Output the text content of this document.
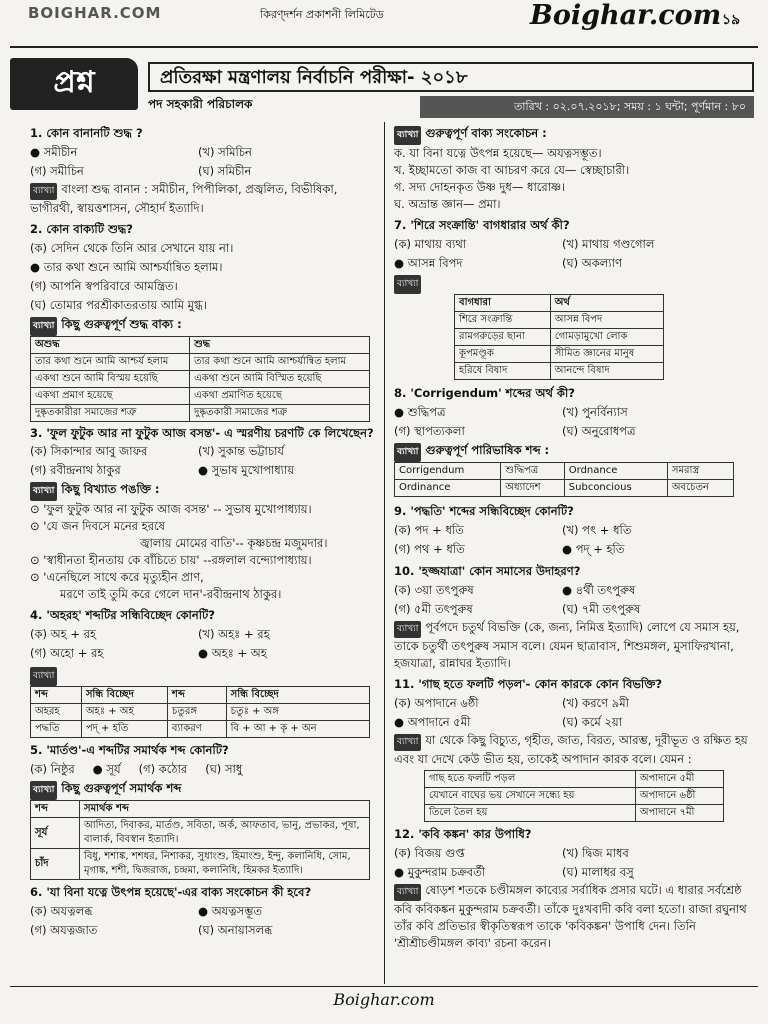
BOIGHAR.COM	কিরণ্দর্শন প্রকাশনী লিমিটেড	Boighar.com ১৯
প্রশ্ন	প্রতিরক্ষা মন্ত্রণালয় নির্বাচনি পরীক্ষা- ২০১৮
পদ সহকারী পরিচালক	তারিখ : ০২.০৭.২০১৮; সময় : ১ ঘন্টা; পূর্ণমান : ৮০
1. কোন বানানটি শুদ্ধ ?
● সমীচীন	(খ) সমিচিন (গ) সমীচিন	(ঘ) সমিচীন
ব্যাখ্যা বাংলা শুদ্ধ বানান : সমীচীন, পিপীলিকা, প্রজ্বলিত, বিভীষিকা, ভাগীরথী, স্বায়ত্তশাসন, সৌহার্দ ইত্যাদি।
2. কোন বাক্যটি শুদ্ধ?
(ক) সেদিন থেকে তিনি আর সেখানে যায় না।
● তার কথা শুনে আমি আশ্চর্যান্বিত হলাম।
(গ) আপনি স্বপরিবারে আমন্ত্রিত।
(ঘ) তোমার পরশ্রীকাতরতায় আমি মুগ্ধ।
ব্যাখ্যা কিছু গুরুত্বপূর্ণ শুদ্ধ বাক্য :
অশুদ্ধ	শুদ্ধ
তার কথা শুনে আমি আশ্চর্য হলাম	তার কথা শুনে আমি আশ্চর্যান্বিত হলাম
একথা শুনে আমি বিস্ময় হয়েছি	একথা শুনে আমি বিস্মিত হয়েছি
একথা প্রমাণ হয়েছে	একথা প্রমাণিত হয়েছে
দুষ্কৃতকারীরা সমাজের শত্রু	দুষ্কৃতকারী সমাজের শত্রু
3. 'ফুল ফুটুক আর না ফুটুক আজ বসন্ত'- এ স্মরণীয় চরণটি কে লিখেছেন?
(ক) সিকান্দার আবু জাফর	(খ) সুকান্ত ভট্টাচার্য (গ) রবীন্দ্রনাথ ঠাকুর	● সুভাষ মুখোপাধ্যায়
ব্যাখ্যা কিছু বিখ্যাত পঙক্তি :
⊙ 'ফুল ফুটুক আর না ফুটুক আজ বসন্ত' -- সুভাষ মুখোপাধ্যায়।
⊙ 'যে জন দিবসে মনের হরষে
জ্বালায় মোমের বাতি'-- কৃষ্ণচন্দ্র মজুমদার।
⊙ 'স্বাধীনতা হীনতায় কে বাঁচিতে চায়' --রঙ্গলাল বন্দ্যোপাধ্যায়।
⊙ 'এনেছিলে সাথে করে মৃত্যুহীন প্রাণ,
মরণে তাই তুমি করে গেলে দান'-রবীন্দ্রনাথ ঠাকুর।
4. 'অহরহ' শব্দটির সন্ধিবিচ্ছেদ কোনটি?
(ক) অহ + রহ	(খ) অহঃ + রহ (গ) অহো + রহ	● অহঃ + অহ
ব্যাখ্যা
শব্দ	সন্ধি বিচ্ছেদ	শব্দ	সন্ধি বিচ্ছেদ
অহরহ	অহঃ + অহ	চতুরঙ্গ	চতুঃ + অঙ্গ
পদ্ধতি	পদ্ + হতি	ব্যাকরণ	বি + আ + কৃ + অন
5. 'মার্তণ্ড'-এ শব্দটির সমার্থক শব্দ কোনটি?
(ক) নিষ্ঠুর ● সূর্য (গ) কঠোর (ঘ) সাধু
ব্যাখ্যা কিছু গুরুত্বপূর্ণ সমার্থক শব্দ
শব্দ	সমার্থক শব্দ
সূর্য	আদিত্য, দিবাকর, মার্তণ্ড, সবিতা, অর্ক, আফতাব, ভানু, প্রভাকর, পূষা, বালার্ক, বিবস্বান ইত্যাদি।
চাঁদ	বিধু, শশাঙ্ক, শশধর, নিশাকর, সুধাংশু, হিমাংশু, ইন্দু, কলানিধি, সোম, মৃগাঙ্ক, শশী, দ্বিজরাজ, চন্দ্রমা, কলানিধি, হিমকর ইত্যাদি।
6. 'যা বিনা যত্নে উৎপন্ন হয়েছে'-এর বাক্য সংকোচন কী হবে?
(ক) অযত্নলব্ধ	● অযত্নসম্ভূত (গ) অযত্নজাত	(ঘ) অনায়াসলব্ধ
ব্যাখ্যা গুরুত্বপূর্ণ বাক্য সংকোচন :
ক. যা বিনা যত্নে উৎপন্ন হয়েছে— অযত্নসম্ভূত।
খ. ইচ্ছামতো কাজ বা আচরণ করে যে— স্বেচ্ছাচারী।
গ. সদ্য দোহনকৃত উষ্ণ দুধ— ধারোষ্ণ।
ঘ. অভ্রান্ত জ্ঞান— প্রমা।
7. 'শিরে সংক্রান্তি' বাগধারার অর্থ কী?
(ক) মাথায় ব্যথা	(খ) মাথায় গণ্ডগোল ● আসন্ন বিপদ	(ঘ) অকল্যাণ
ব্যাখ্যা
বাগধারা	অর্থ
শিরে সংক্রান্তি	আসন্ন বিপদ
রামগরুড়ের ছানা	গোমড়ামুখো লোক
কূপমণ্ডূক	সীমিত জ্ঞানের মানুষ
হরিষে বিষাদ	আনন্দে বিষাদ
8. 'Corrigendum' শব্দের অর্থ কী?
● শুদ্ধিপত্র	(খ) পুনর্বিন্যাস (গ) স্থাপত্যকলা	(ঘ) অনুরোধপত্র
ব্যাখ্যা গুরুত্বপূর্ণ পারিভাষিক শব্দ :
Corrigendum	শুদ্ধিপত্র	Ordnance	সমরাস্ত্র
Ordinance	অধ্যাদেশ	Subconcious	অবচেতন
9. 'পদ্ধতি' শব্দের সন্ধিবিচ্ছেদ কোনটি?
(ক) পদ + ধতি	(খ) পৎ + ধতি (গ) পথ + ধতি	● পদ্ + হতি
10. 'হজ্জযাত্রা' কোন সমাসের উদাহরণ?
(ক) ৩য়া তৎপুরুষ	● ৪র্থী তৎপুরুষ (গ) ৫মী তৎপুরুষ	(ঘ) ৭মী তৎপুরুষ
ব্যাখ্যা পূর্বপদে চতুর্থ বিভক্তি (কে, জন্য, নিমিত্ত ইত্যাদি) লোপে যে সমাস হয়, তাকে চতুর্থী তৎপুরুষ সমাস বলে। যেমন ছাত্রাবাস, শিশুমঙ্গল, মুসাফিরখানা, হজযাত্রা, রান্নাঘর ইত্যাদি।
11. 'গাছ হতে ফলটি পড়ল'- কোন কারকে কোন বিভক্তি?
(ক) অপাদানে ৬ষ্ঠী	(খ) করণে ৯মী ● অপাদানে ৫মী	(ঘ) কর্মে ২য়া
ব্যাখ্যা যা থেকে কিছু বিচ্যুত, গৃহীত, জাত, বিরত, আরম্ভ, দূরীভূত ও রক্ষিত হয় এবং যা দেখে কেউ ভীত হয়, তাকেই অপাদান কারক বলে। যেমন :
গাছ হতে ফলটি পড়ল	অপাদানে ৫মী
যেখানে বাঘের ভয় সেখানে সন্ধ্যে হয়	অপাদানে ৬ষ্ঠী
তিলে তৈল হয়	অপাদানে ৭মী
12. 'কবি কঙ্কন' কার উপাধি?
(ক) বিজয় গুপ্ত	(খ) দ্বিজ মাধব ● মুকুন্দরাম চক্রবর্তী	(ঘ) মালাধর বসু
ব্যাখ্যা ষোড়শ শতকে চণ্ডীমঙ্গল কাব্যের সর্বাধিক প্রসার ঘটে। এ ধারার সর্বশ্রেষ্ঠ কবি কবিকঙ্কন মুকুন্দরাম চক্রবর্তী। তাঁকে দুঃখবাদী কবি বলা হতো। রাজা রঘুনাথ তাঁর কবি প্রতিভার স্বীকৃতিস্বরূপ তাকে 'কবিকঙ্কন' উপাধি দেন। তিনি 'শ্রীশ্রীচণ্ডীমঙ্গল কাব্য' রচনা করেন।
Boighar.com
